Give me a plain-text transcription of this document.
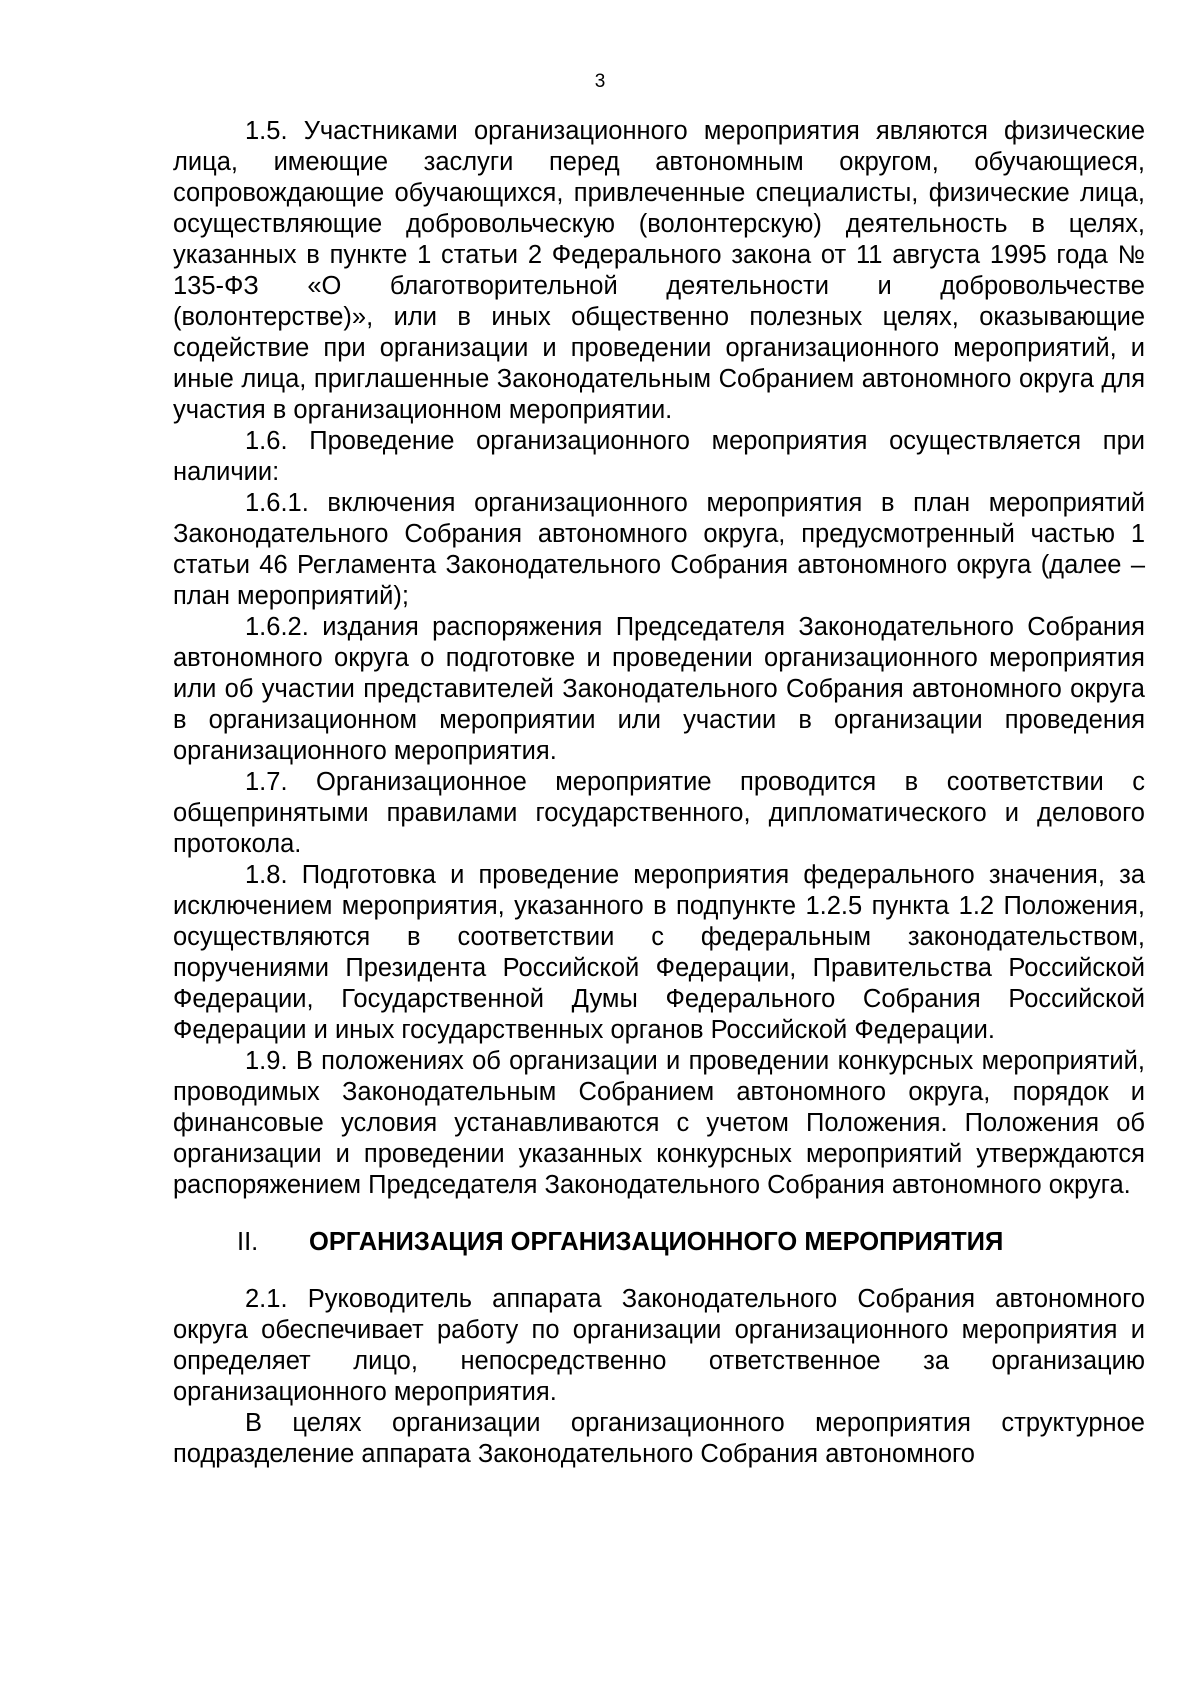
3

1.5. Участниками организационного мероприятия являются физические лица, имеющие заслуги перед автономным округом, обучающиеся, сопровождающие обучающихся, привлеченные специалисты, физические лица, осуществляющие добровольческую (волонтерскую) деятельность в целях, указанных в пункте 1 статьи 2 Федерального закона от 11 августа 1995 года № 135-ФЗ «О благотворительной деятельности и добровольчестве (волонтерстве)», или в иных общественно полезных целях, оказывающие содействие при организации и проведении организационного мероприятий, и иные лица, приглашенные Законодательным Собранием автономного округа для участия в организационном мероприятии.

1.6. Проведение организационного мероприятия осуществляется при наличии:

1.6.1. включения организационного мероприятия в план мероприятий Законодательного Собрания автономного округа, предусмотренный частью 1 статьи 46 Регламента Законодательного Собрания автономного округа (далее – план мероприятий);

1.6.2. издания распоряжения Председателя Законодательного Собрания автономного округа о подготовке и проведении организационного мероприятия или об участии представителей Законодательного Собрания автономного округа в организационном мероприятии или участии в организации проведения организационного мероприятия.

1.7. Организационное мероприятие проводится в соответствии с общепринятыми правилами государственного, дипломатического и делового протокола.

1.8. Подготовка и проведение мероприятия федерального значения, за исключением мероприятия, указанного в подпункте 1.2.5 пункта 1.2 Положения, осуществляются в соответствии с федеральным законодательством, поручениями Президента Российской Федерации, Правительства Российской Федерации, Государственной Думы Федерального Собрания Российской Федерации и иных государственных органов Российской Федерации.

1.9. В положениях об организации и проведении конкурсных мероприятий, проводимых Законодательным Собранием автономного округа, порядок и финансовые условия устанавливаются с учетом Положения. Положения об организации и проведении указанных конкурсных мероприятий утверждаются распоряжением Председателя Законодательного Собрания автономного округа.

II.	ОРГАНИЗАЦИЯ ОРГАНИЗАЦИОННОГО МЕРОПРИЯТИЯ

2.1. Руководитель аппарата Законодательного Собрания автономного округа обеспечивает работу по организации организационного мероприятия и определяет лицо, непосредственно ответственное за организацию организационного мероприятия.

В целях организации организационного мероприятия структурное подразделение аппарата Законодательного Собрания автономного
